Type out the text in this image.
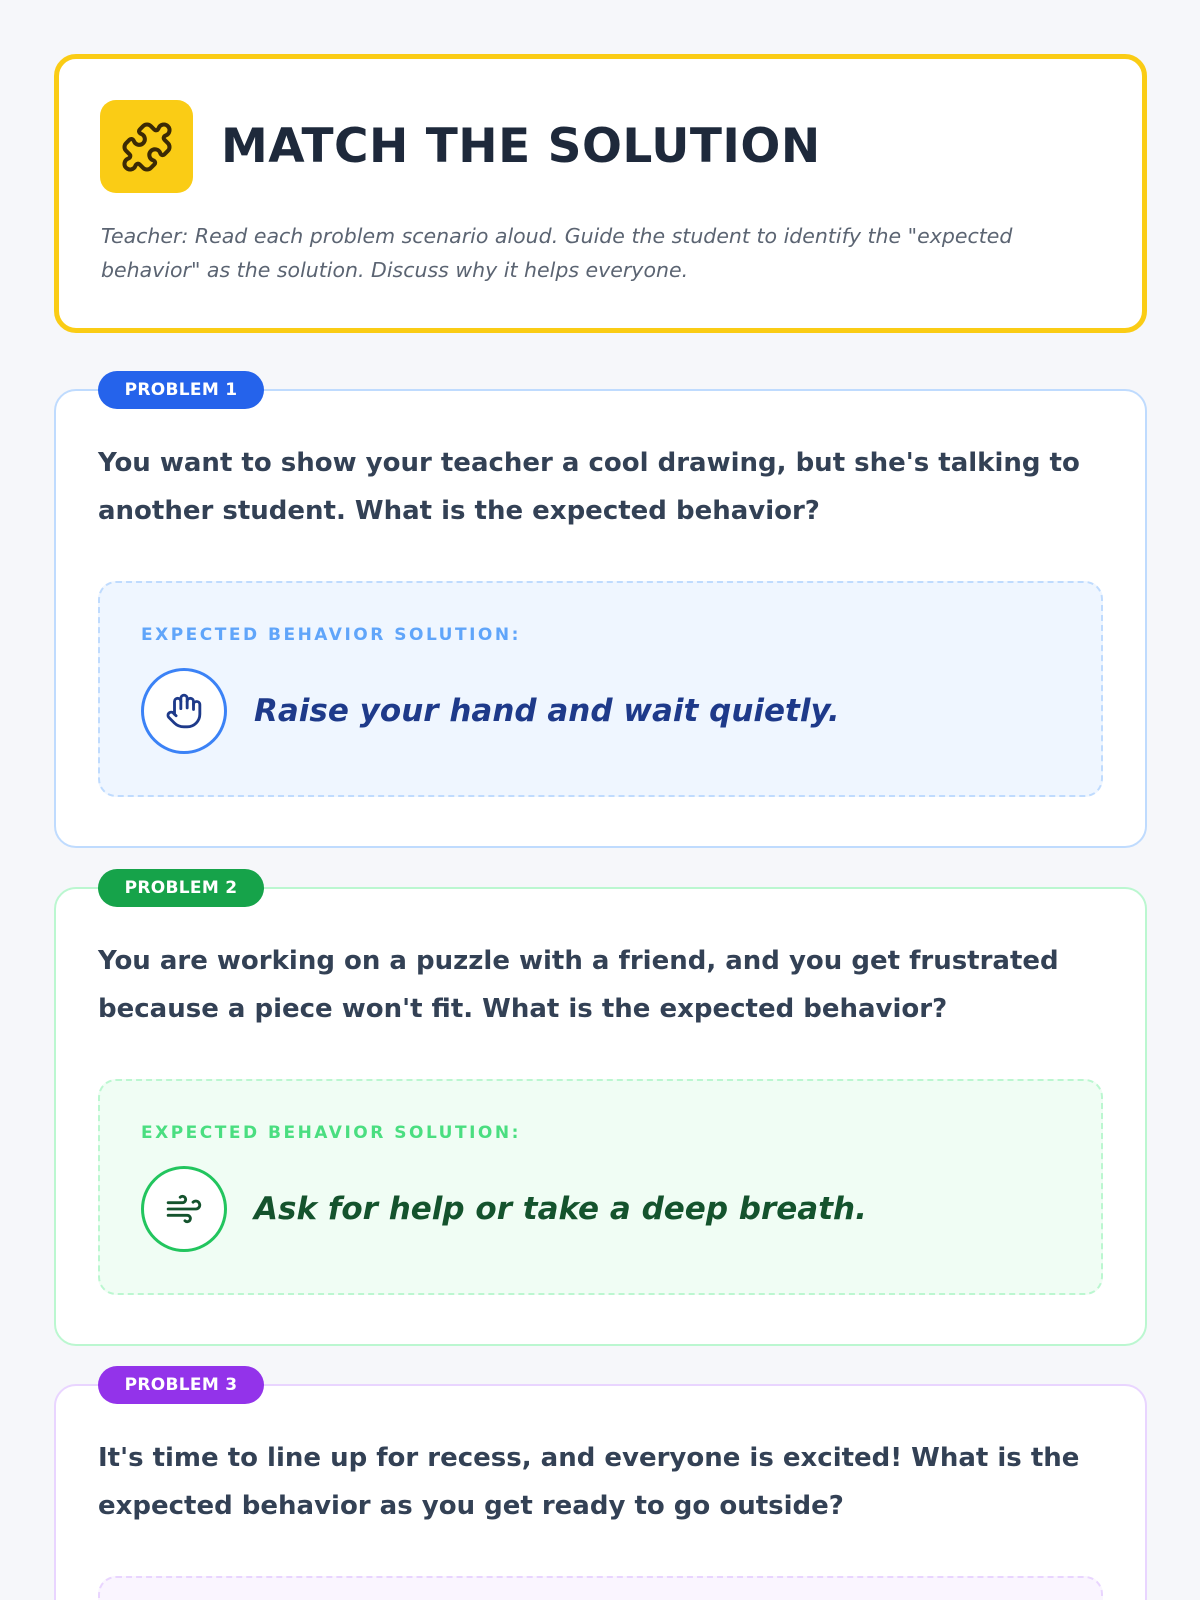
MATCH THE SOLUTION
Teacher: Read each problem scenario aloud. Guide the student to identify the "expected behavior" as the solution. Discuss why it helps everyone.
PROBLEM 1
You want to show your teacher a cool drawing, but she's talking to another student. What is the expected behavior?
EXPECTED BEHAVIOR SOLUTION:
Raise your hand and wait quietly.
PROBLEM 2
You are working on a puzzle with a friend, and you get frustrated because a piece won't fit. What is the expected behavior?
EXPECTED BEHAVIOR SOLUTION:
Ask for help or take a deep breath.
PROBLEM 3
It's time to line up for recess, and everyone is excited! What is the expected behavior as you get ready to go outside?
